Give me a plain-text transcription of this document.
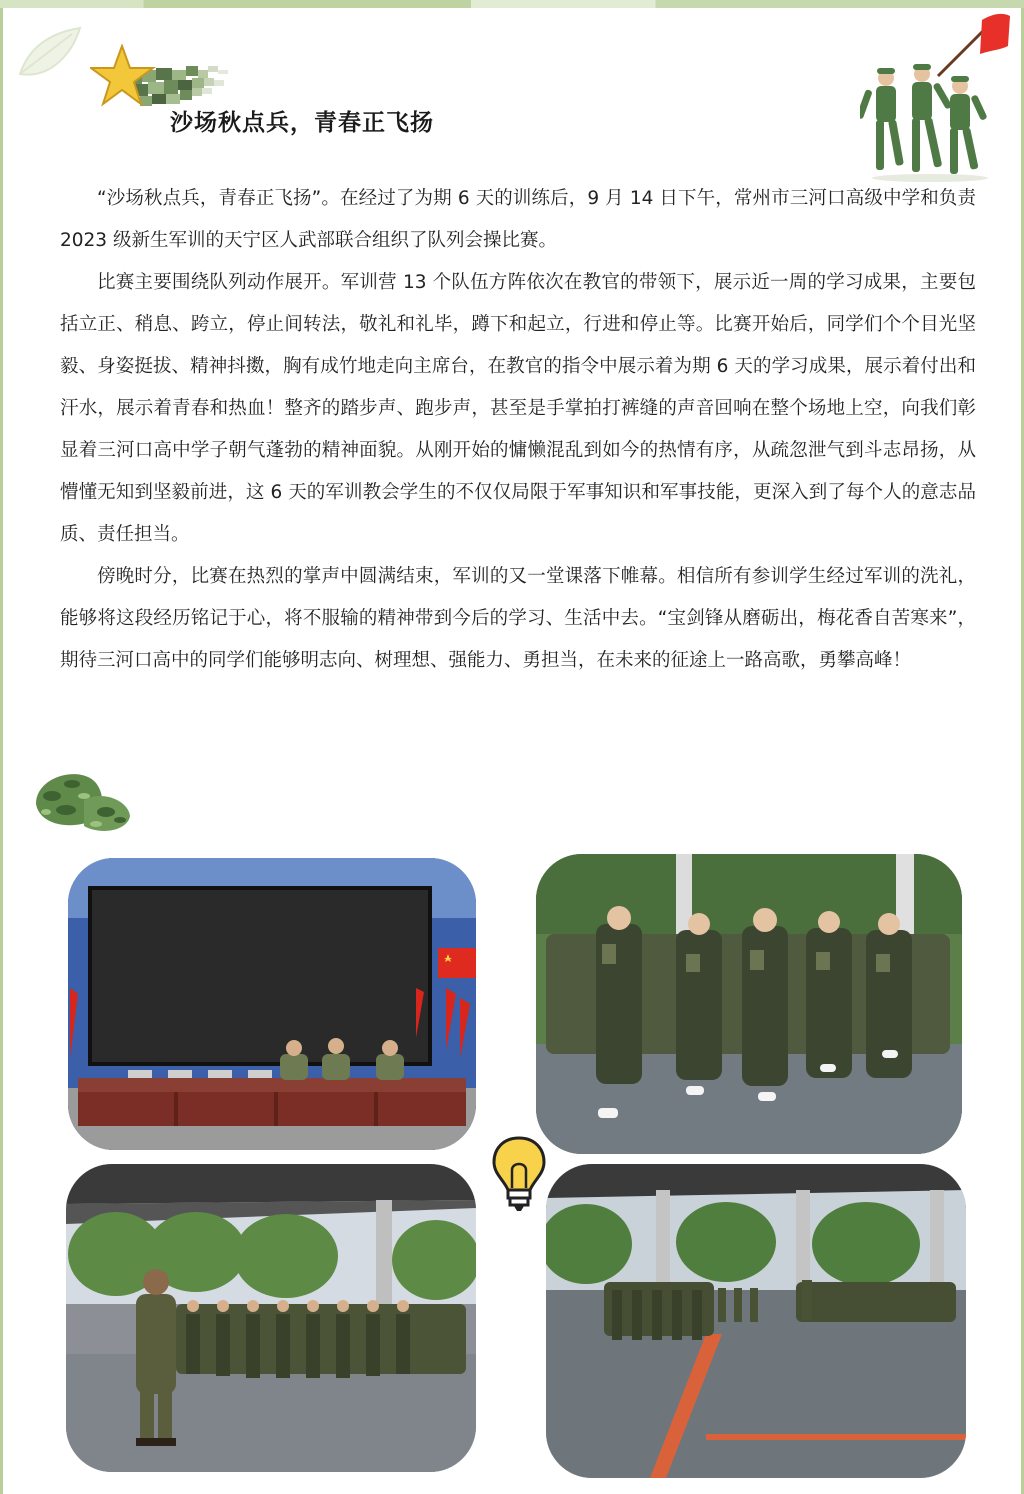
沙场秋点兵，青春正飞扬

“沙场秋点兵，青春正飞扬”。在经过了为期 6 天的训练后，9 月 14 日下午，常州市三河口高级中学和负责 2023 级新生军训的天宁区人武部联合组织了队列会操比赛。

比赛主要围绕队列动作展开。军训营 13 个队伍方阵依次在教官的带领下，展示近一周的学习成果，主要包括立正、稍息、跨立，停止间转法，敬礼和礼毕，蹲下和起立，行进和停止等。比赛开始后，同学们个个目光坚毅、身姿挺拔、精神抖擞，胸有成竹地走向主席台，在教官的指令中展示着为期 6 天的学习成果，展示着付出和汗水，展示着青春和热血！整齐的踏步声、跑步声，甚至是手掌拍打裤缝的声音回响在整个场地上空，向我们彰显着三河口高中学子朝气蓬勃的精神面貌。从刚开始的慵懒混乱到如今的热情有序，从疏忽泄气到斗志昂扬，从懵懂无知到坚毅前进，这 6 天的军训教会学生的不仅仅局限于军事知识和军事技能，更深入到了每个人的意志品质、责任担当。

傍晚时分，比赛在热烈的掌声中圆满结束，军训的又一堂课落下帷幕。相信所有参训学生经过军训的洗礼，能够将这段经历铭记于心，将不服输的精神带到今后的学习、生活中去。“宝剑锋从磨砺出，梅花香自苦寒来”，期待三河口高中的同学们能够明志向、树理想、强能力、勇担当，在未来的征途上一路高歌，勇攀高峰！
